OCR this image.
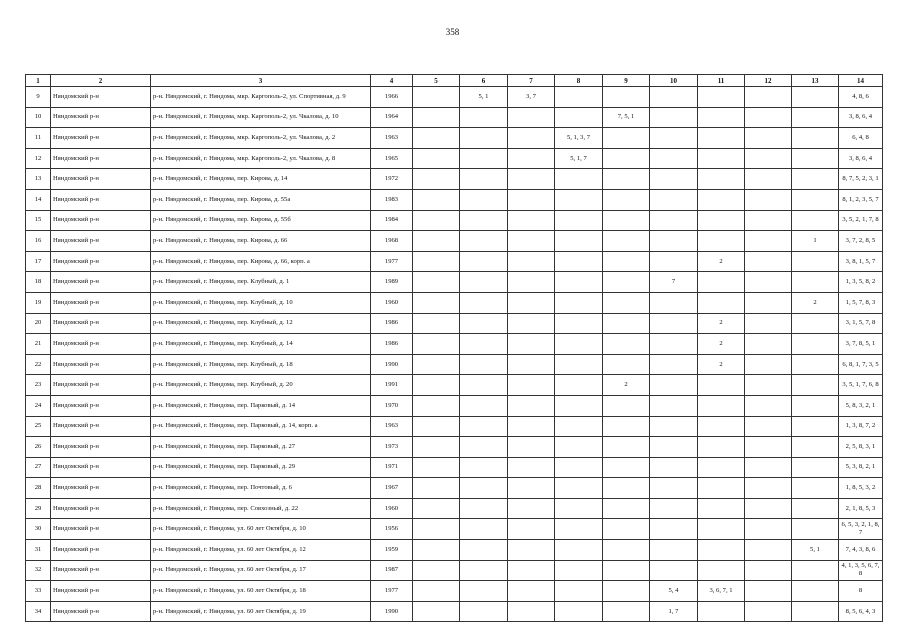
358
1	2	3	4	5	6	7	8	9	10	11	12	13	14
9	Няндомский р-н	р-н. Няндомский, г. Няндома, мкр. Каргополь-2, ул. Спортивная, д. 9	1966		5, 1	3, 7							4, 8, 6
10	Няндомский р-н	р-н. Няндомский, г. Няндома, мкр. Каргополь-2, ул. Чкалова, д. 10	1964					7, 5, 1					3, 8, 6, 4
11	Няндомский р-н	р-н. Няндомский, г. Няндома, мкр. Каргополь-2, ул. Чкалова, д. 2	1963				5, 1, 3, 7						6, 4, 8
12	Няндомский р-н	р-н. Няндомский, г. Няндома, мкр. Каргополь-2, ул. Чкалова, д. 8	1965				5, 1, 7						3, 8, 6, 4
13	Няндомский р-н	р-н. Няндомский, г. Няндома, пер. Кирова, д. 14	1972										8, 7, 5, 2, 3, 1
14	Няндомский р-н	р-н. Няндомский, г. Няндома, пер. Кирова, д. 55а	1983										8, 1, 2, 3, 5, 7
15	Няндомский р-н	р-н. Няндомский, г. Няндома, пер. Кирова, д. 55б	1984										3, 5, 2, 1, 7, 8
16	Няндомский р-н	р-н. Няндомский, г. Няндома, пер. Кирова, д. 66	1968									1	3, 7, 2, 8, 5
17	Няндомский р-н	р-н. Няндомский, г. Няндома, пер. Кирова, д. 66, корп. а	1977							2			3, 8, 1, 5, 7
18	Няндомский р-н	р-н. Няндомский, г. Няндома, пер. Клубный, д. 1	1989						7				1, 3, 5, 8, 2
19	Няндомский р-н	р-н. Няндомский, г. Няндома, пер. Клубный, д. 10	1960									2	1, 5, 7, 8, 3
20	Няндомский р-н	р-н. Няндомский, г. Няндома, пер. Клубный, д. 12	1986							2			3, 1, 5, 7, 8
21	Няндомский р-н	р-н. Няндомский, г. Няндома, пер. Клубный, д. 14	1986							2			3, 7, 8, 5, 1
22	Няндомский р-н	р-н. Няндомский, г. Няндома, пер. Клубный, д. 18	1990							2			6, 8, 1, 7, 3, 5
23	Няндомский р-н	р-н. Няндомский, г. Няндома, пер. Клубный, д. 20	1991					2					3, 5, 1, 7, 6, 8
24	Няндомский р-н	р-н. Няндомский, г. Няндома, пер. Парковый, д. 14	1970										5, 8, 3, 2, 1
25	Няндомский р-н	р-н. Няндомский, г. Няндома, пер. Парковый, д. 14, корп. а	1963										1, 3, 8, 7, 2
26	Няндомский р-н	р-н. Няндомский, г. Няндома, пер. Парковый, д. 27	1973										2, 5, 8, 3, 1
27	Няндомский р-н	р-н. Няндомский, г. Няндома, пер. Парковый, д. 29	1971										5, 3, 8, 2, 1
28	Няндомский р-н	р-н. Няндомский, г. Няндома, пер. Почтовый, д. 6	1967										1, 8, 5, 3, 2
29	Няндомский р-н	р-н. Няндомский, г. Няндома, пер. Совхозный, д. 22	1960										2, 1, 8, 5, 3
30	Няндомский р-н	р-н. Няндомский, г. Няндома, ул. 60 лет Октября, д. 10	1956										6, 5, 3, 2, 1, 8, 7
31	Няндомский р-н	р-н. Няндомский, г. Няндома, ул. 60 лет Октября, д. 12	1959									5, 1	7, 4, 3, 8, 6
32	Няндомский р-н	р-н. Няндомский, г. Няндома, ул. 60 лет Октября, д. 17	1987										4, 1, 3, 5, 6, 7, 8
33	Няндомский р-н	р-н. Няндомский, г. Няндома, ул. 60 лет Октября, д. 18	1977						5, 4	3, 6, 7, 1			8
34	Няндомский р-н	р-н. Няндомский, г. Няндома, ул. 60 лет Октября, д. 19	1990						1, 7				8, 5, 6, 4, 3
